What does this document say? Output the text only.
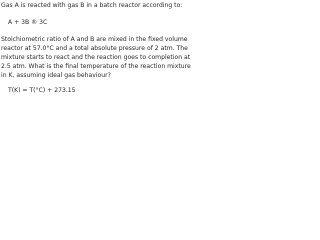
Gas A is reacted with gas B in a batch reactor according to:
A + 3B ® 3C
Stoichiometric ratio of A and B are mixed in the fixed volume
reactor at 57.0°C and a total absolute pressure of 2 atm. The
mixture starts to react and the reaction goes to completion at
2.5 atm. What is the final temperature of the reaction mixture
in K, assuming ideal gas behaviour?
T(K) = T(°C) + 273.15
